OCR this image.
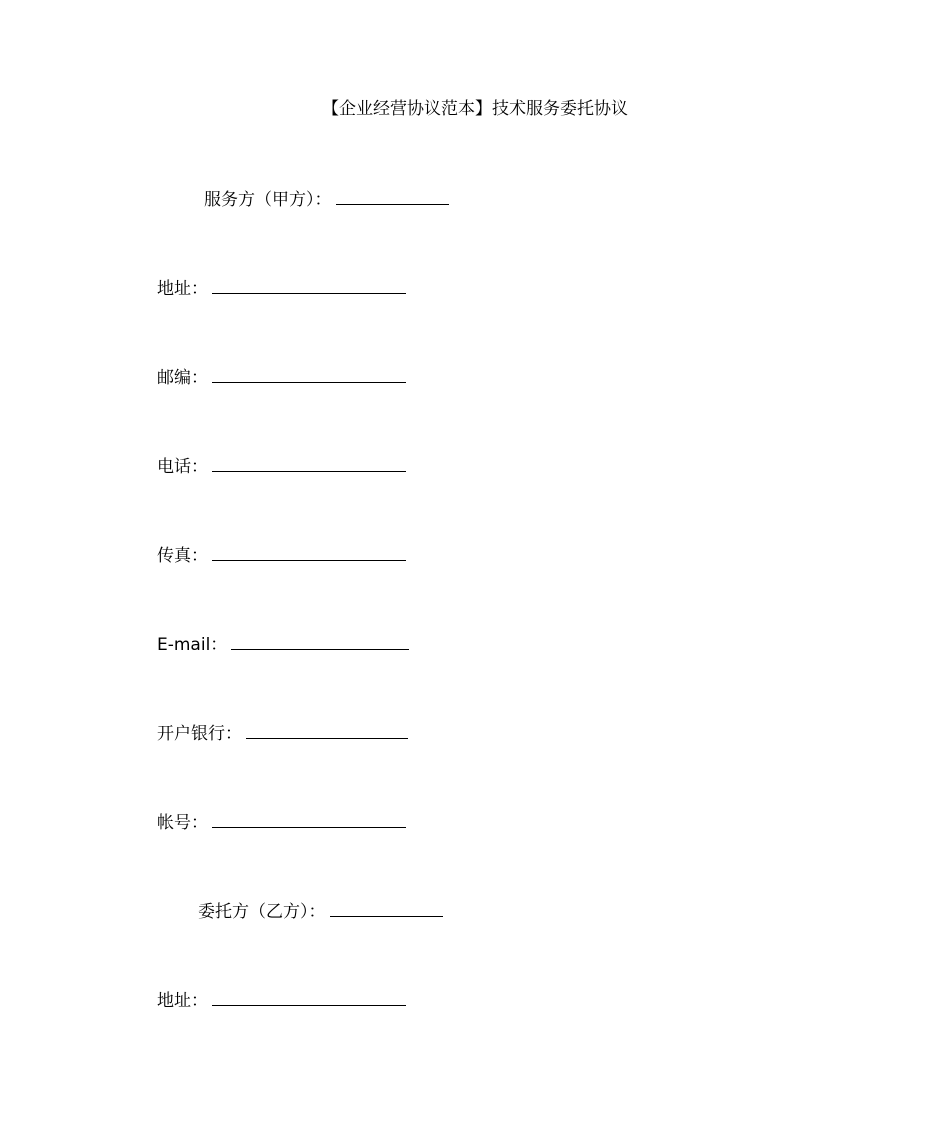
【企业经营协议范本】技术服务委托协议
服务方（甲方）：
地址：
邮编：
电话：
传真：
E-mail：
开户银行：
帐号：
委托方（乙方）：
地址：
